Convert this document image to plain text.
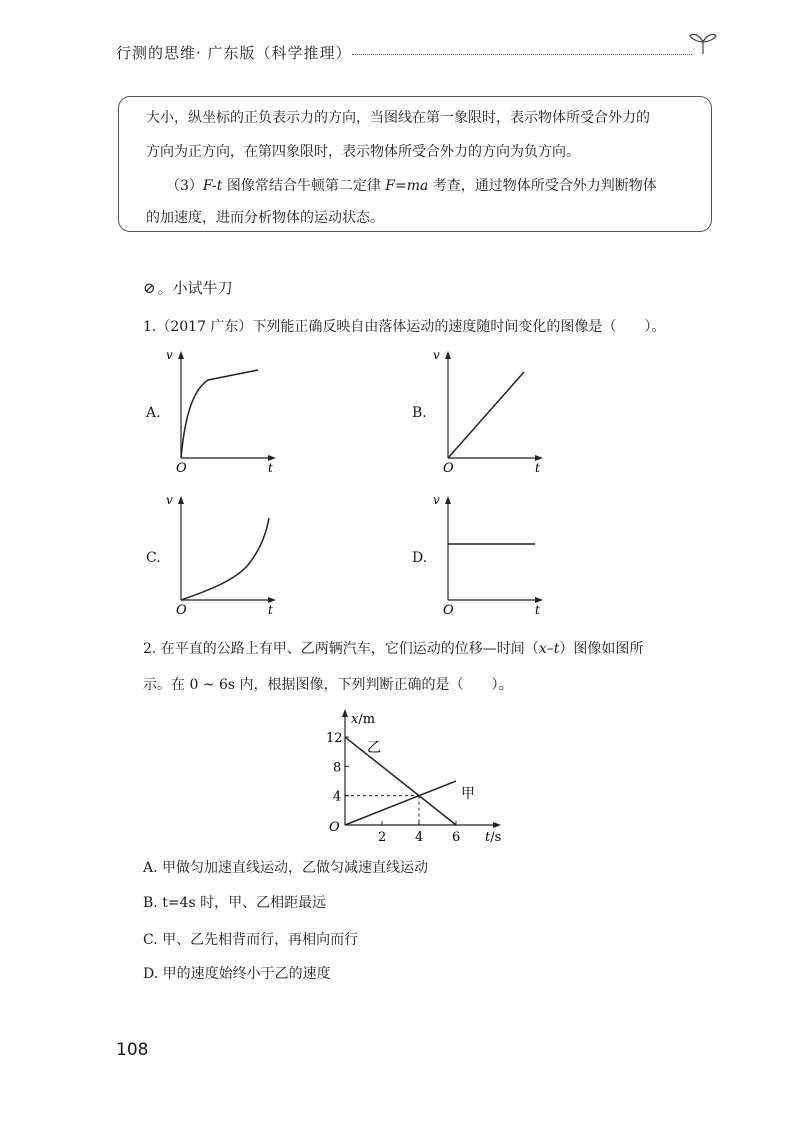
行测的思维· 广东版（科学推理）
大小，纵坐标的正负表示力的方向，当图线在第一象限时，表示物体所受合外力的
方向为正方向，在第四象限时，表示物体所受合外力的方向为负方向。
（3）F-t 图像常结合牛顿第二定律 F=ma 考查，通过物体所受合外力判断物体
的加速度，进而分析物体的运动状态。
⊘ 。小试牛刀
1.（2017 广东）下列能正确反映自由落体运动的速度随时间变化的图像是（　　）。
A.
v
O	t
B.
v
O	t
C.
v
O	t
D.
v
O	t
2. 在平直的公路上有甲、乙两辆汽车，它们运动的位移—时间（x–t）图像如图所
示。在 0 ~ 6s 内，根据图像，下列判断正确的是（　　）。
2 4 6
4
8
12
x/m
O
t/s
乙
甲
A. 甲做匀加速直线运动，乙做匀减速直线运动
B. t=4s 时，甲、乙相距最远
C. 甲、乙先相背而行，再相向而行
D. 甲的速度始终小于乙的速度
108
